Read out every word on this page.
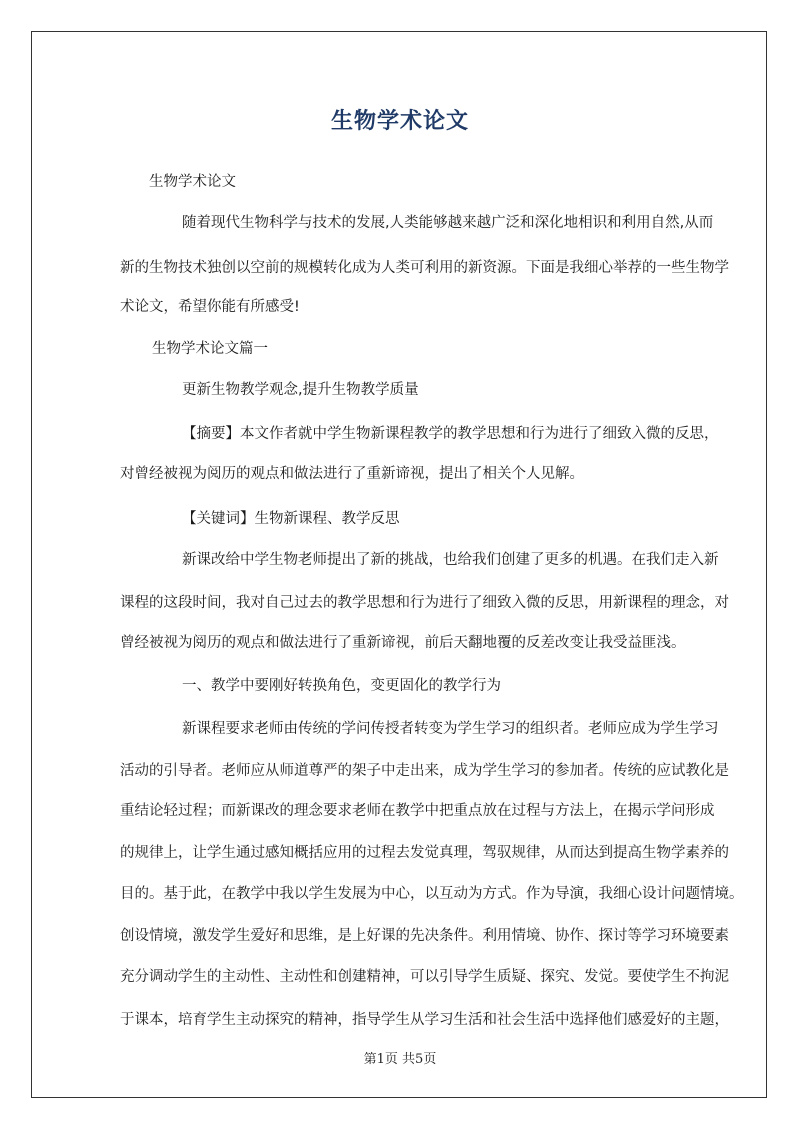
生物学术论文
生物学术论文
随着现代生物科学与技术的发展,人类能够越来越广泛和深化地相识和利用自然,从而
新的生物技术独创以空前的规模转化成为人类可利用的新资源。下面是我细心举荐的一些生物学
术论文，希望你能有所感受!
生物学术论文篇一
更新生物教学观念,提升生物教学质量
【摘要】本文作者就中学生物新课程教学的教学思想和行为进行了细致入微的反思，
对曾经被视为阅历的观点和做法进行了重新谛视，提出了相关个人见解。
【关键词】生物新课程、教学反思
新课改给中学生物老师提出了新的挑战，也给我们创建了更多的机遇。在我们走入新
课程的这段时间，我对自己过去的教学思想和行为进行了细致入微的反思，用新课程的理念，对
曾经被视为阅历的观点和做法进行了重新谛视，前后天翻地覆的反差改变让我受益匪浅。
一、教学中要刚好转换角色，变更固化的教学行为
新课程要求老师由传统的学问传授者转变为学生学习的组织者。老师应成为学生学习
活动的引导者。老师应从师道尊严的架子中走出来，成为学生学习的参加者。传统的应试教化是
重结论轻过程；而新课改的理念要求老师在教学中把重点放在过程与方法上，在揭示学问形成
的规律上，让学生通过感知概括应用的过程去发觉真理，驾驭规律，从而达到提高生物学素养的
目的。基于此，在教学中我以学生发展为中心，以互动为方式。作为导演，我细心设计问题情境。
创设情境，激发学生爱好和思维，是上好课的先决条件。利用情境、协作、探讨等学习环境要素
充分调动学生的主动性、主动性和创建精神，可以引导学生质疑、探究、发觉。要使学生不拘泥
于课本，培育学生主动探究的精神，指导学生从学习生活和社会生活中选择他们感爱好的主题，
第1页 共5页
